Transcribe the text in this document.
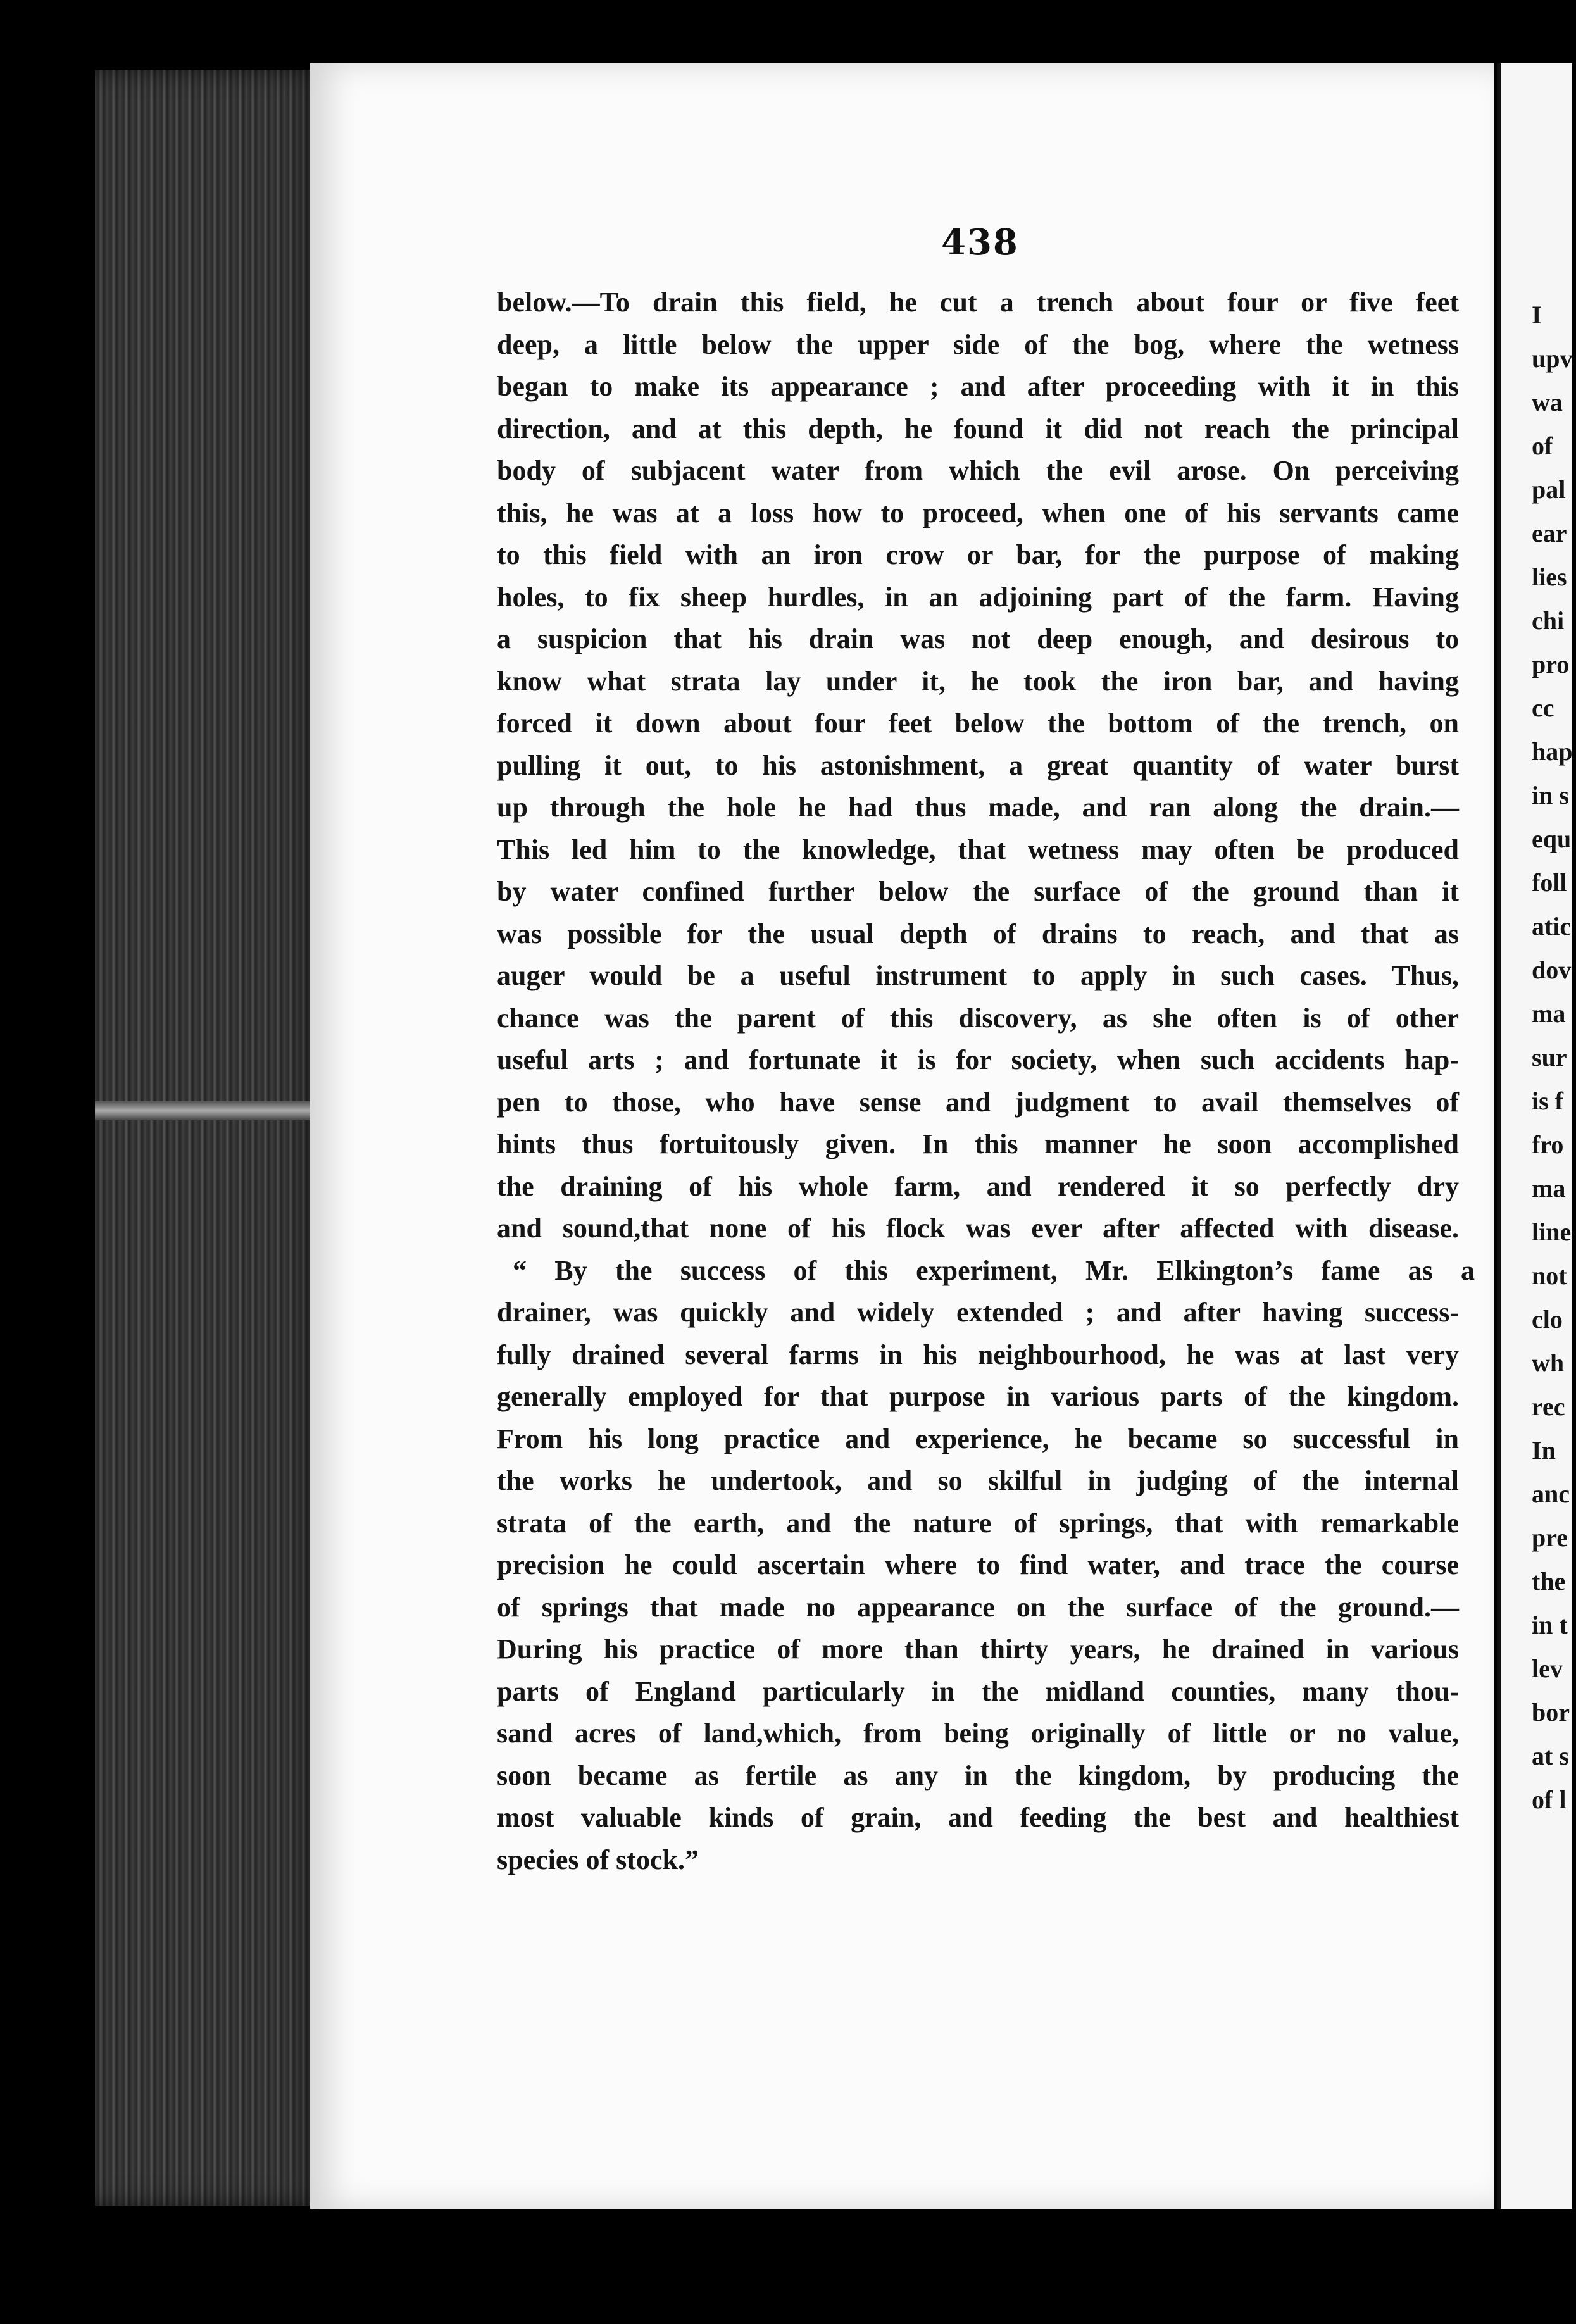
438
below.—To drain this field, he cut a trench about four or five feet
deep, a little below the upper side of the bog, where the wetness
began to make its appearance ; and after proceeding with it in this
direction, and at this depth, he found it did not reach the principal
body of subjacent water from which the evil arose. On perceiving
this, he was at a loss how to proceed, when one of his servants came
to this field with an iron crow or bar, for the purpose of making
holes, to fix sheep hurdles, in an adjoining part of the farm. Having
a suspicion that his drain was not deep enough, and desirous to
know what strata lay under it, he took the iron bar, and having
forced it down about four feet below the bottom of the trench, on
pulling it out, to his astonishment, a great quantity of water burst
up through the hole he had thus made, and ran along the drain.—
This led him to the knowledge, that wetness may often be produced
by water confined further below the surface of the ground than it
was possible for the usual depth of drains to reach, and that as
auger would be a useful instrument to apply in such cases. Thus,
chance was the parent of this discovery, as she often is of other
useful arts ; and fortunate it is for society, when such accidents hap-
pen to those, who have sense and judgment to avail themselves of
hints thus fortuitously given. In this manner he soon accomplished
the draining of his whole farm, and rendered it so perfectly dry
and sound,that none of his flock was ever after affected with disease.
“ By the success of this experiment, Mr. Elkington’s fame as a
drainer, was quickly and widely extended ; and after having success-
fully drained several farms in his neighbourhood, he was at last very
generally employed for that purpose in various parts of the kingdom.
From his long practice and experience, he became so successful in
the works he undertook, and so skilful in judging of the internal
strata of the earth, and the nature of springs, that with remarkable
precision he could ascertain where to find water, and trace the course
of springs that made no appearance on the surface of the ground.—
During his practice of more than thirty years, he drained in various
parts of England particularly in the midland counties, many thou-
sand acres of land,which, from being originally of little or no value,
soon became as fertile as any in the kingdom, by producing the
most valuable kinds of grain, and feeding the best and healthiest
species of stock.”
I
upv
wa
of
pal
ear
lies
chi
pro
cc
hap
in s
equ
foll
atic
dov
ma
sur
is f
fro
ma
line
not
clo
wh
rec
In
anc
pre
the
in t
lev
bor
at s
of l
